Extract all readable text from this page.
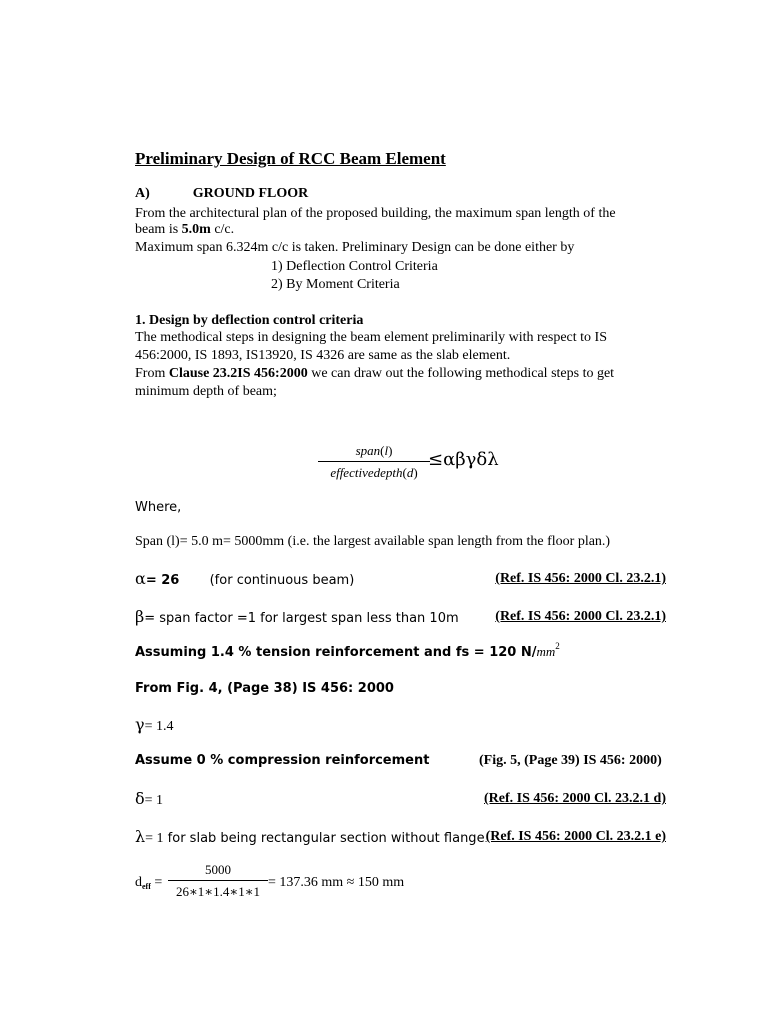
Preliminary Design of RCC Beam Element
A)	GROUND FLOOR
From the architectural plan of the proposed building, the maximum span length of the
beam is 5.0m c/c.
Maximum span 6.324m c/c is taken. Preliminary Design can be done either by
1) Deflection Control Criteria
2) By Moment Criteria
1. Design by deflection control criteria
The methodical steps in designing the beam element preliminarily with respect to IS
456:2000, IS 1893, IS13920, IS 4326 are same as the slab element.
From Clause 23.2IS 456:2000 we can draw out the following methodical steps to get
minimum depth of beam;
span(l)
effectivedepth(d)
≤αβγδλ
Where,
Span (l)= 5.0 m= 5000mm (i.e. the largest available span length from the floor plan.)
α= 26 (for continuous beam)	(Ref. IS 456: 2000 Cl. 23.2.1)
β= span factor =1 for largest span less than 10m	(Ref. IS 456: 2000 Cl. 23.2.1)
Assuming 1.4 % tension reinforcement and fs = 120 $N/mm^2$
From Fig. 4, (Page 38) IS 456: 2000
γ= 1.4
Assume 0 % compression reinforcement	(Fig. 5, (Page 39) IS 456: 2000)
δ= 1	(Ref. IS 456: 2000 Cl. 23.2.1 d)
λ= 1 for slab being rectangular section without flange (Ref. IS 456: 2000 Cl. 23.2.1 e)
$d_{eff} = \frac{5000}{26∗1∗1.4∗1∗1} = 137.36$ mm ≈ 150 mm
